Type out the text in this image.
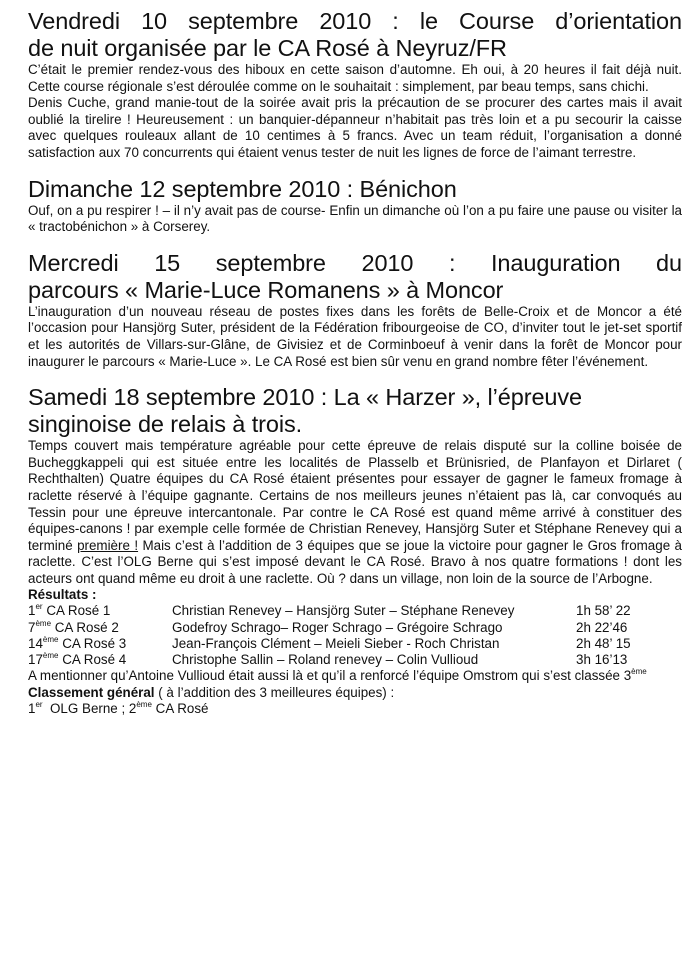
Vendredi 10 septembre 2010 : le Course d’orientation
de nuit organisée par le CA Rosé à Neyruz/FR

C’était le premier rendez-vous des hiboux en cette saison d’automne. Eh oui, à 20 heures il fait déjà nuit. Cette course régionale s’est déroulée comme on le souhaitait : simplement, par beau temps, sans chichi.

Denis Cuche, grand manie-tout de la soirée avait pris la précaution de se procurer des cartes mais il avait oublié la tirelire ! Heureusement : un banquier-dépanneur n’habitait pas très loin et a pu secourir la caisse avec quelques rouleaux allant de 10 centimes à 5 francs. Avec un team réduit, l’organisation a donné satisfaction aux 70 concurrents qui étaient venus tester de nuit les lignes de force de l’aimant terrestre.

Dimanche 12 septembre 2010 : Bénichon

Ouf, on a pu respirer ! – il n’y avait pas de course- Enfin un dimanche où l’on a pu faire une pause ou visiter la « tractobénichon » à Corserey.

Mercredi 15 septembre 2010 : Inauguration du
parcours « Marie-Luce Romanens » à Moncor

L’inauguration d’un nouveau réseau de postes fixes dans les forêts de Belle-Croix et de Moncor a été l’occasion pour Hansjörg Suter, président de la Fédération fribourgeoise de CO, d’inviter tout le jet-set sportif et les autorités de Villars-sur-Glâne, de Givisiez et de Corminboeuf à venir dans la forêt de Moncor pour inaugurer le parcours « Marie-Luce ». Le CA Rosé est bien sûr venu en grand nombre fêter l’événement.

Samedi 18 septembre 2010 : La « Harzer », l’épreuve
singinoise de relais à trois.

Temps couvert mais température agréable pour cette épreuve de relais disputé sur la colline boisée de Bucheggkappeli qui est située entre les localités de Plasselb et Brünisried, de Planfayon et Dirlaret ( Rechthalten) Quatre équipes du CA Rosé étaient présentes pour essayer de gagner le fameux fromage à raclette réservé à l’équipe gagnante. Certains de nos meilleurs jeunes n’étaient pas là, car convoqués au Tessin pour une épreuve intercantonale. Par contre le CA Rosé est quand même arrivé à constituer des équipes-canons ! par exemple celle formée de Christian Renevey, Hansjörg Suter et Stéphane Renevey qui a terminé première ! Mais c’est à l’addition de 3 équipes que se joue la victoire pour gagner le Gros fromage à raclette. C’est l’OLG Berne qui s’est imposé devant le CA Rosé. Bravo à nos quatre formations ! dont les acteurs ont quand même eu droit à une raclette. Où ? dans un village, non loin de la source de l’Arbogne.

Résultats :
1er CA Rosé 1	Christian Renevey – Hansjörg Suter – Stéphane Renevey	1h 58’ 22
7ème CA Rosé 2	Godefroy Schrago– Roger Schrago – Grégoire Schrago	2h 22’46
14ème CA Rosé 3	Jean-François Clément – Meieli Sieber - Roch Christan	2h 48’ 15
17ème CA Rosé 4	Christophe Sallin – Roland renevey – Colin Vullioud	3h 16’13

A mentionner qu’Antoine Vullioud était aussi là et qu’il a renforcé l’équipe Omstrom qui s’est classée 3ème

Classement général ( à l’addition des 3 meilleures équipes) :

1er  OLG Berne ; 2ème CA Rosé
